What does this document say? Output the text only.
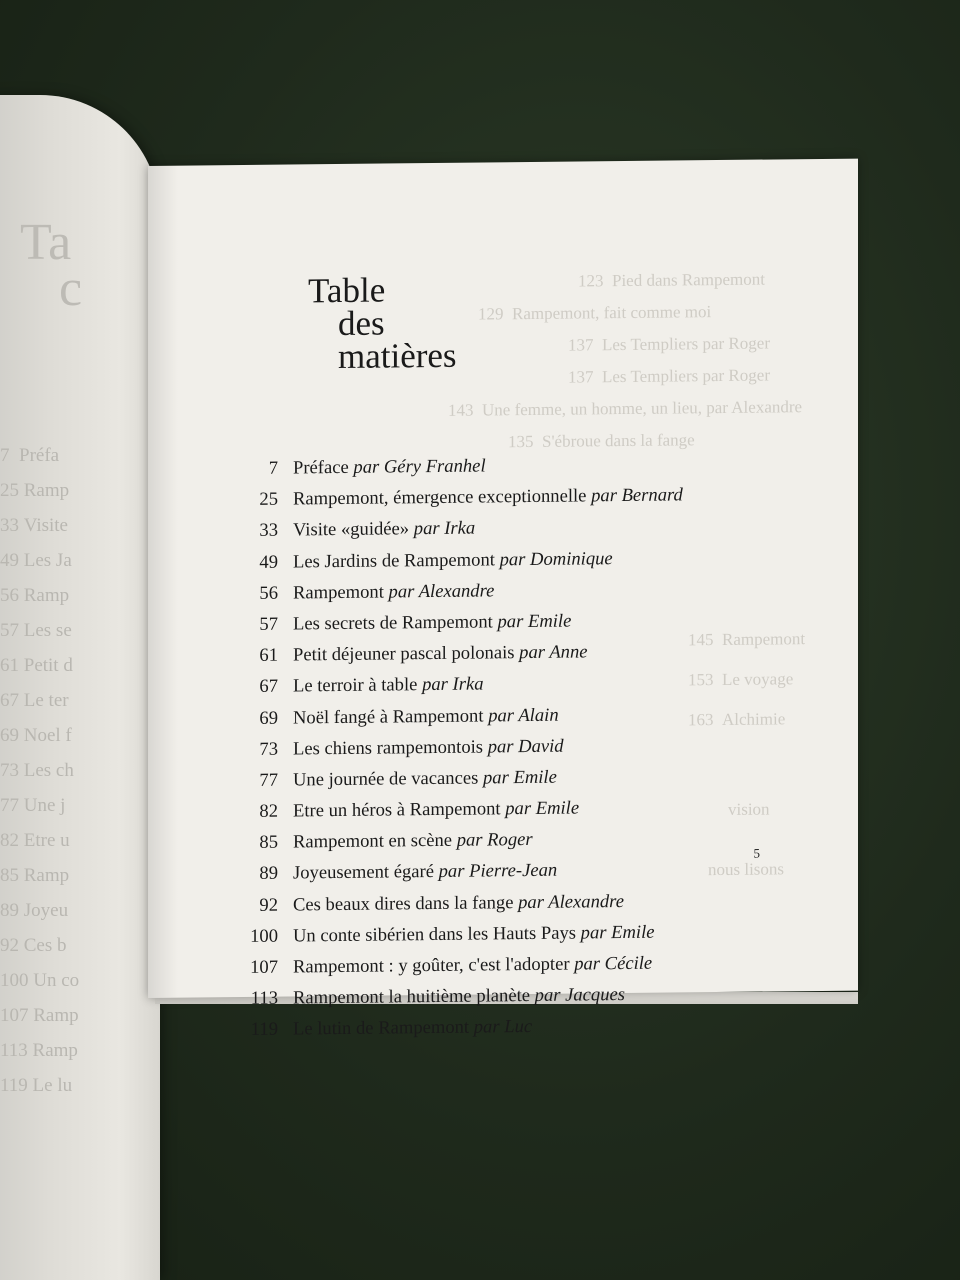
Ta
c
7  Préfa
25 Ramp
33 Visite
49 Les Ja
56 Ramp
57 Les se
61 Petit d
67 Le ter
69 Noel f
73 Les ch
77 Une j
82 Etre u
85 Ramp
89 Joyeu
92 Ces b
100 Un co
107 Ramp
113 Ramp
119 Le lu
123  Pied dans Rampemont
129  Rampemont, fait comme moi
137  Les Templiers par Roger
137  Les Templiers par Roger
143  Une femme, un homme, un lieu, par Alexandre
135  S'ébroue dans la fange
145  Rampemont
153  Le voyage
163  Alchimie
vision
nous lisons
Table
des
matières
7 Préface par Géry Franhel
25 Rampemont, émergence exceptionnelle par Bernard
33 Visite «guidée» par Irka
49 Les Jardins de Rampemont par Dominique
56 Rampemont par Alexandre
57 Les secrets de Rampemont par Emile
61 Petit déjeuner pascal polonais par Anne
67 Le terroir à table par Irka
69 Noël fangé à Rampemont par Alain
73 Les chiens rampemontois par David
77 Une journée de vacances par Emile
82 Etre un héros à Rampemont par Emile
85 Rampemont en scène par Roger
89 Joyeusement égaré par Pierre-Jean
92 Ces beaux dires dans la fange par Alexandre
100 Un conte sibérien dans les Hauts Pays par Emile
107 Rampemont : y goûter, c'est l'adopter par Cécile
113 Rampemont la huitième planète par Jacques
119 Le lutin de Rampemont par Luc
5
